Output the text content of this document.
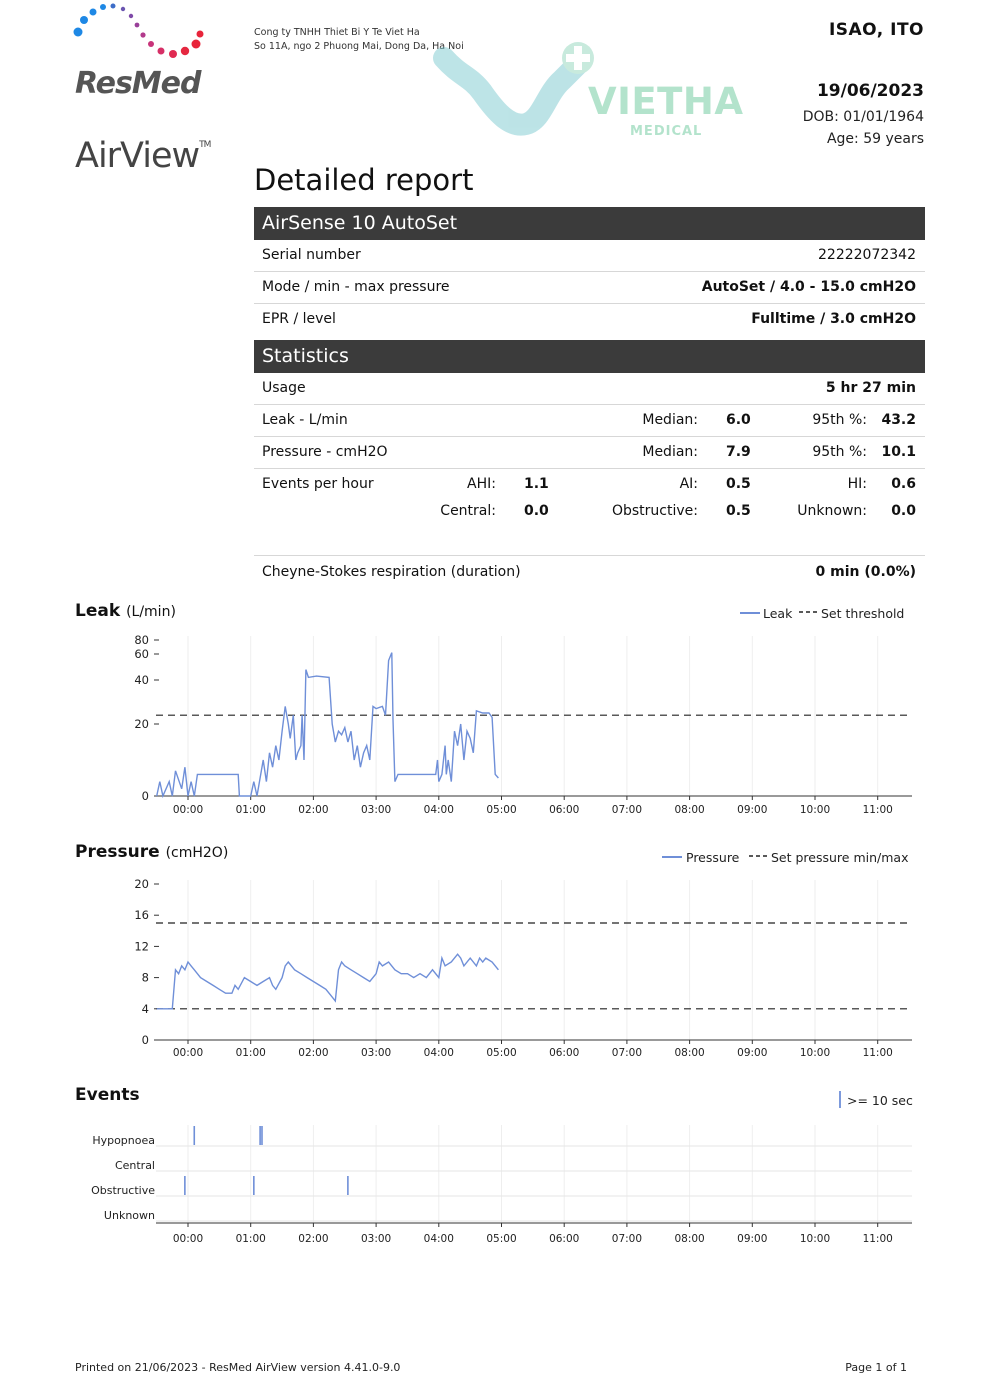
ResMed
AirView™
Cong ty TNHH Thiet Bi Y Te Viet Ha
So 11A, ngo 2 Phuong Mai, Dong Da, Ha Noi
VIETHA
MEDICAL
ISAO, ITO
19/06/2023
DOB: 01/01/1964
Age: 59 years
Detailed report
AirSense 10 AutoSet
Serial number	22222072342
Mode / min - max pressure	AutoSet / 4.0 - 15.0 cmH2O
EPR / level	Fulltime / 3.0 cmH2O
Statistics
Usage	5 hr 27 min
Leak - L/min	Median: 6.0	95th %: 43.2
Pressure - cmH2O	Median: 7.9	95th %: 10.1
Events per hour	AHI: 1.1	AI: 0.5	HI: 0.6
Central: 0.0	Obstructive: 0.5	Unknown: 0.0
Cheyne-Stokes respiration (duration)	0 min (0.0%)
Leak (L/min)
Pressure (cmH2O)
Events
0
20
40
60
80
00:00	01:00	02:00	03:00	04:00	05:00	06:00	07:00	08:00	09:00	10:00	11:00
Leak Set threshold
0
4
8
12
16
20
00:00	01:00	02:00	03:00	04:00	05:00	06:00	07:00	08:00	09:00	10:00	11:00
Pressure	Set pressure min/max
Hypopnoea
Central
Obstructive
Unknown
00:00	01:00	02:00	03:00	04:00	05:00	06:00	07:00	08:00	09:00	10:00	11:00
>= 10 sec
Printed on 21/06/2023 - ResMed AirView version 4.41.0-9.0	Page 1 of 1
